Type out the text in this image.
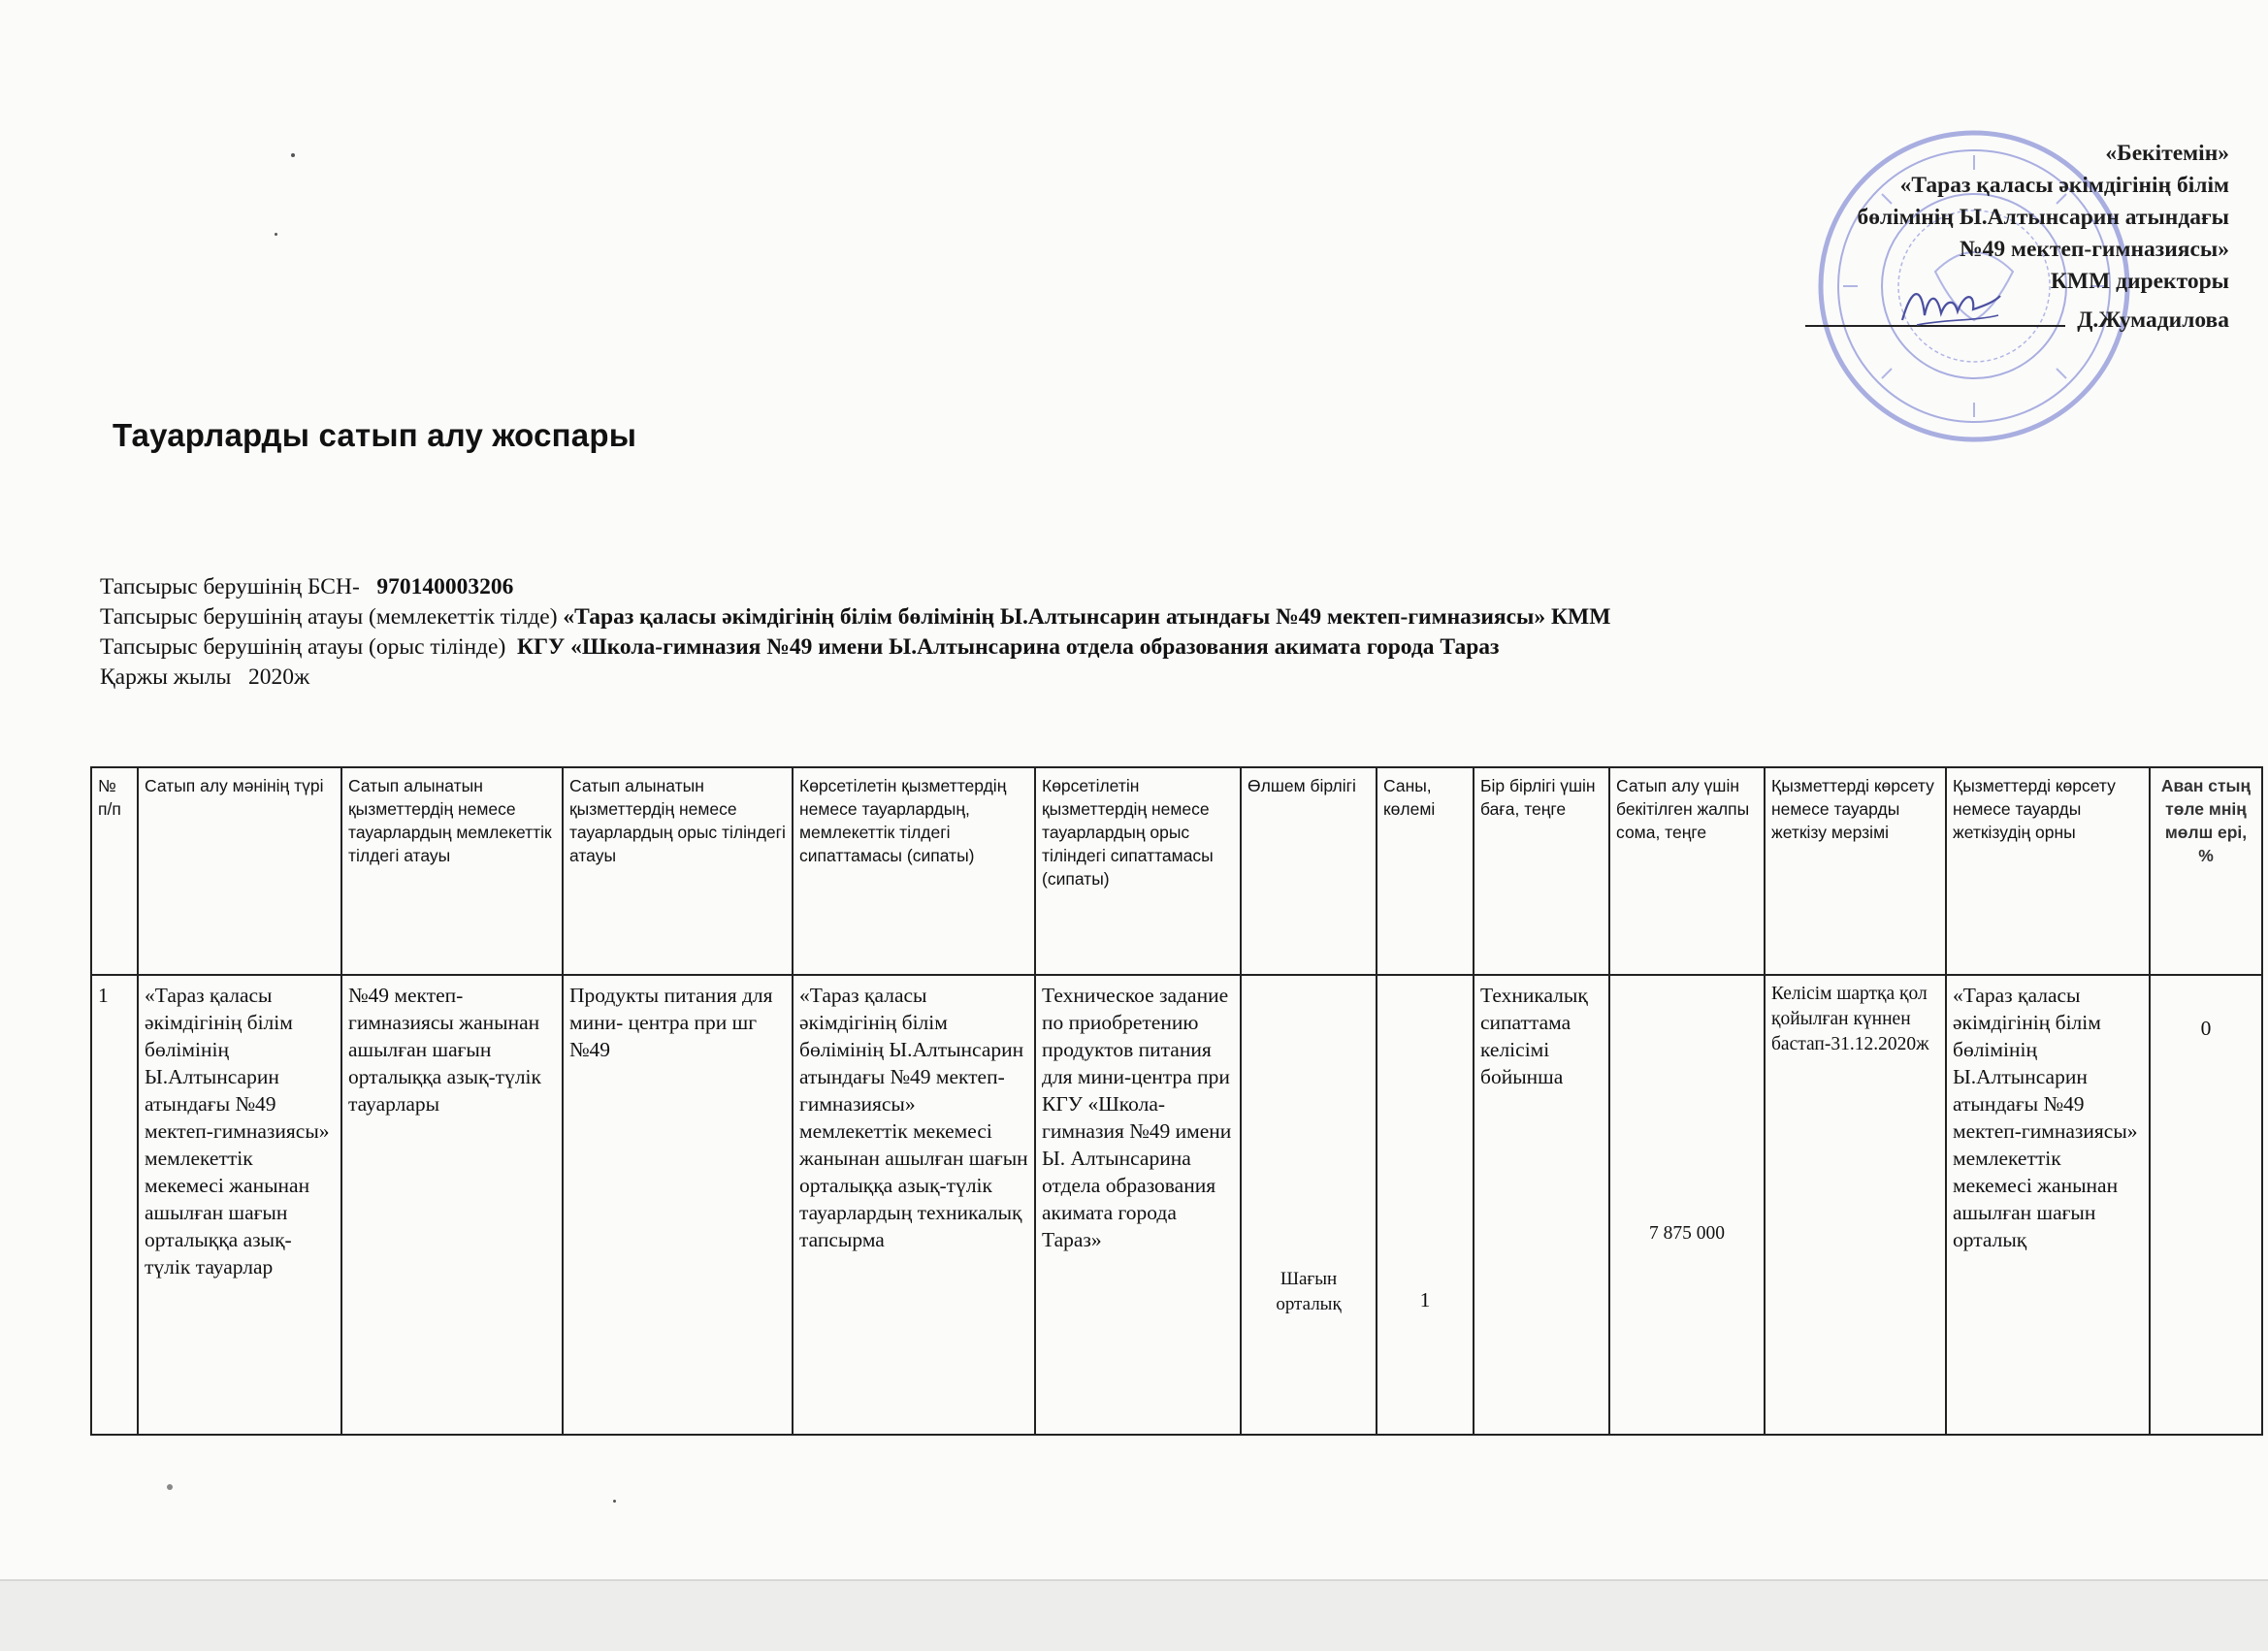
«Бекітемін»
«Тараз қаласы әкімдігінің білім
бөлімінің Ы.Алтынсарин атындағы
№49 мектеп-гимназиясы»
КММ директоры
Д.Жумадилова
Тауарларды сатып алу жоспары
Тапсырыс берушінің БСН- 970140003206
Тапсырыс берушінің атауы (мемлекеттік тілде) «Тараз қаласы әкімдігінің білім бөлімінің Ы.Алтынсарин атындағы №49 мектеп-гимназиясы» КММ
Тапсырыс берушінің атауы (орыс тілінде) КГУ «Школа-гимназия №49 имени Ы.Алтынсарина отдела образования акимата города Тараз
Қаржы жылы 2020ж
№ п/п	Сатып алу мәнінің түрі	Сатып алынатын қызметтердің немесе тауарлардың мемлекеттік тілдегі атауы	Сатып алынатын қызметтердің немесе тауарлардың орыс тіліндегі атауы	Көрсетілетін қызметтердің немесе тауарлардың, мемлекеттік тілдегі сипаттамасы (сипаты)	Көрсетілетін қызметтердің немесе тауарлардың орыс тіліндегі сипаттамасы (сипаты)	Өлшем бірлігі	Саны, көлемі	Бір бірлігі үшін баға, теңге	Сатып алу үшін бекітілген жалпы сома, теңге	Қызметтерді көрсету немесе тауарды жеткізу мерзімі	Қызметтерді көрсету немесе тауарды жеткізудің орны	Аван стың төле мнің мөлш ері, %
1	«Тараз қаласы әкімдігінің білім бөлімінің Ы.Алтынсарин атындағы №49 мектеп-гимназиясы» мемлекеттік мекемесі жанынан ашылған шағын орталыққа азық-түлік тауарлар	№49 мектеп-гимназиясы жанынан ашылған шағын орталыққа азық-түлік тауарлары	Продукты питания для мини- центра при шг №49	«Тараз қаласы әкімдігінің білім бөлімінің Ы.Алтынсарин атындағы №49 мектеп-гимназиясы» мемлекеттік мекемесі жанынан ашылған шағын орталыққа азық-түлік тауарлардың техникалық тапсырма	Техническое задание по приобретению продуктов питания для мини-центра при КГУ «Школа-гимназия №49 имени Ы. Алтынсарина отдела образования акимата города Тараз»	Шағын орталық	1	Техникалық сипаттама келісімі бойынша	7 875 000	Келісім шартқа қол қойылған күннен бастап-31.12.2020ж	«Тараз қаласы әкімдігінің білім бөлімінің Ы.Алтынсарин атындағы №49 мектеп-гимназиясы» мемлекеттік мекемесі жанынан ашылған шағын орталық	0
